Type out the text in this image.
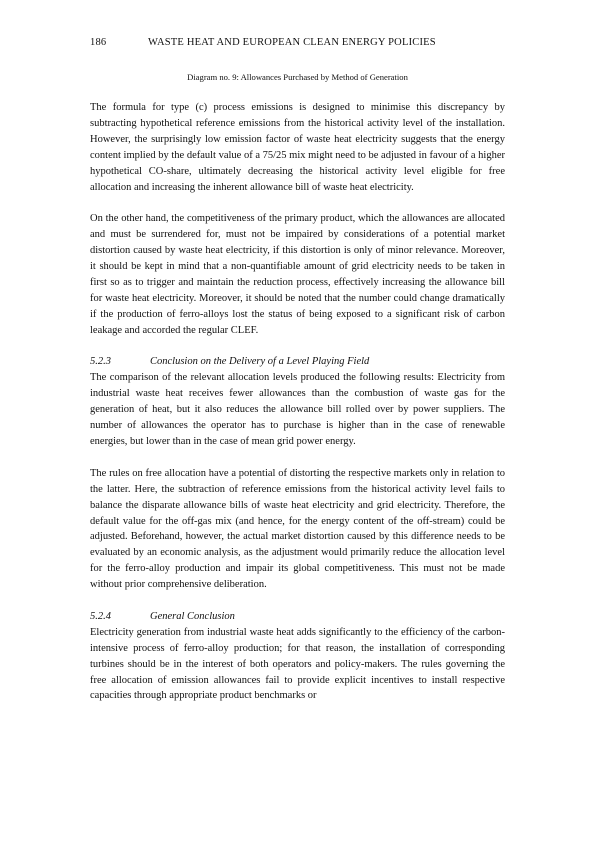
186	WASTE HEAT AND EUROPEAN CLEAN ENERGY POLICIES
Diagram no. 9: Allowances Purchased by Method of Generation

The formula for type (c) process emissions is designed to minimise this discrepancy by subtracting hypothetical reference emissions from the historical activity level of the installation. However, the surprisingly low emission factor of waste heat electricity suggests that the energy content implied by the default value of a 75/25 mix might need to be adjusted in favour of a higher hypothetical CO-share, ultimately decreasing the historical activity level eligible for free allocation and increasing the inherent allowance bill of waste heat electricity.

On the other hand, the competitiveness of the primary product, which the allowances are allocated and must be surrendered for, must not be impaired by considerations of a potential market distortion caused by waste heat electricity, if this distortion is only of minor relevance. Moreover, it should be kept in mind that a non-quantifiable amount of grid electricity needs to be taken in first so as to trigger and maintain the reduction process, effectively increasing the allowance bill for waste heat electricity. Moreover, it should be noted that the number could change dramatically if the production of ferro-alloys lost the status of being exposed to a significant risk of carbon leakage and accorded the regular CLEF.

5.2.3	Conclusion on the Delivery of a Level Playing Field

The comparison of the relevant allocation levels produced the following results: Electricity from industrial waste heat receives fewer allowances than the combustion of waste gas for the generation of heat, but it also reduces the allowance bill rolled over by power suppliers. The number of allowances the operator has to purchase is higher than in the case of renewable energies, but lower than in the case of mean grid power energy.

The rules on free allocation have a potential of distorting the respective markets only in relation to the latter. Here, the subtraction of reference emissions from the historical activity level fails to balance the disparate allowance bills of waste heat electricity and grid electricity. Therefore, the default value for the off-gas mix (and hence, for the energy content of the off-stream) could be adjusted. Beforehand, however, the actual market distortion caused by this difference needs to be evaluated by an economic analysis, as the adjustment would primarily reduce the allocation level for the ferro-alloy production and impair its global competitiveness. This must not be made without prior comprehensive deliberation.

5.2.4	General Conclusion

Electricity generation from industrial waste heat adds significantly to the efficiency of the carbon-intensive process of ferro-alloy production; for that reason, the installation of corresponding turbines should be in the interest of both operators and policy-makers. The rules governing the free allocation of emission allowances fail to provide explicit incentives to install respective capacities through appropriate product benchmarks or
